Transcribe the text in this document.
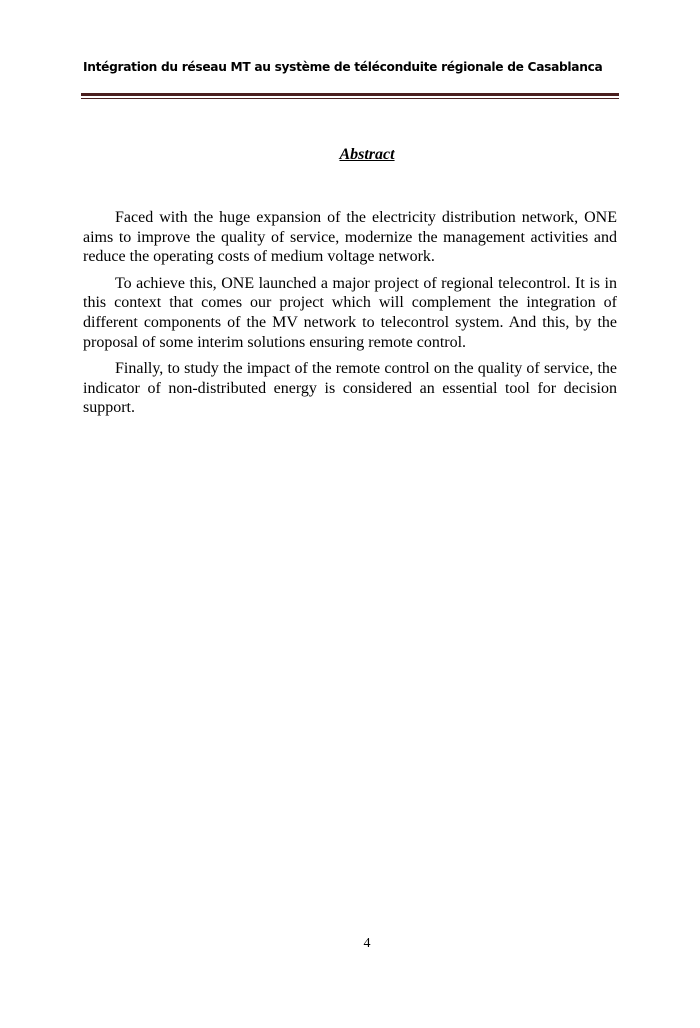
Intégration du réseau MT au système de téléconduite régionale de Casablanca
Abstract

Faced with the huge expansion of the electricity distribution network, ONE aims to improve the quality of service, modernize the management activities and reduce the operating costs of medium voltage network.

To achieve this, ONE launched a major project of regional telecontrol. It is in this context that comes our project which will complement the integration of different components of the MV network to telecontrol system. And this, by the proposal of some interim solutions ensuring remote control.

Finally, to study the impact of the remote control on the quality of service, the indicator of non-distributed energy is considered an essential tool for decision support.

4
